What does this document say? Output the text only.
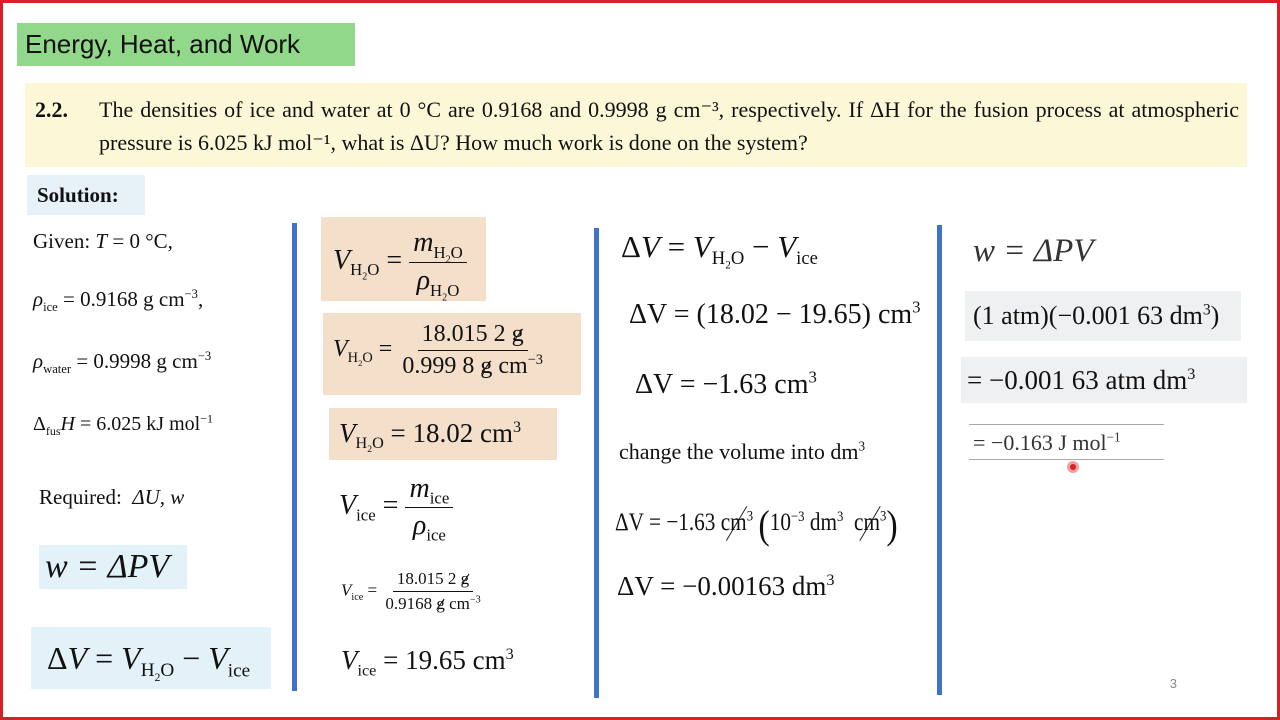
Energy, Heat, and Work
2.2. The densities of ice and water at 0 °C are 0.9168 and 0.9998 g cm⁻³, respectively. If ΔH for the fusion process at atmospheric pressure is 6.025 kJ mol⁻¹, what is ΔU? How much work is done on the system?
Solution:
Given: T = 0 °C,
$\rho_{ice} = 0.9168$ g $cm^{-3}$,
$\rho_{water} = 0.9998$ g $cm^{-3}$
$\Delta_{fus}H = 6.025$ kJ mol$^{-1}$
Required: ΔU, w
w = ΔPV
$\Delta V = V_{H_2O} - V_{ice}$
$V_{H_2O} = \frac{m_{H_2O}}{\rho_{H_2O}}$
$V_{H_2O} = \frac{18.015 2 g}{0.999 8 g cm^{-3}}$
$V_{H_2O} = 18.02$ $cm^3$
$V_{ice} = \frac{m_{ice}}{\rho_{ice}}$
$V_{ice} = \frac{18.015 2 g}{0.9168 g cm^{-3}}$
$V_{ice} = 19.65$ $cm^3$
$\Delta V = V_{H_2O} - V_{ice}$
ΔV = (18.02 − 19.65) $cm^3$
ΔV = −1.63 $cm^3$
change the volume into $dm^3$
ΔV = −1.63 $cm^3$ ($10^{-3}$ $dm^3$ $cm^3$)
ΔV = −0.00163 $dm^3$
w = ΔPV
(1 atm)(−0.001 63 $dm^3$)
= −0.001 63 atm $dm^3$
= −0.163 J mol$^{-1}$
3
